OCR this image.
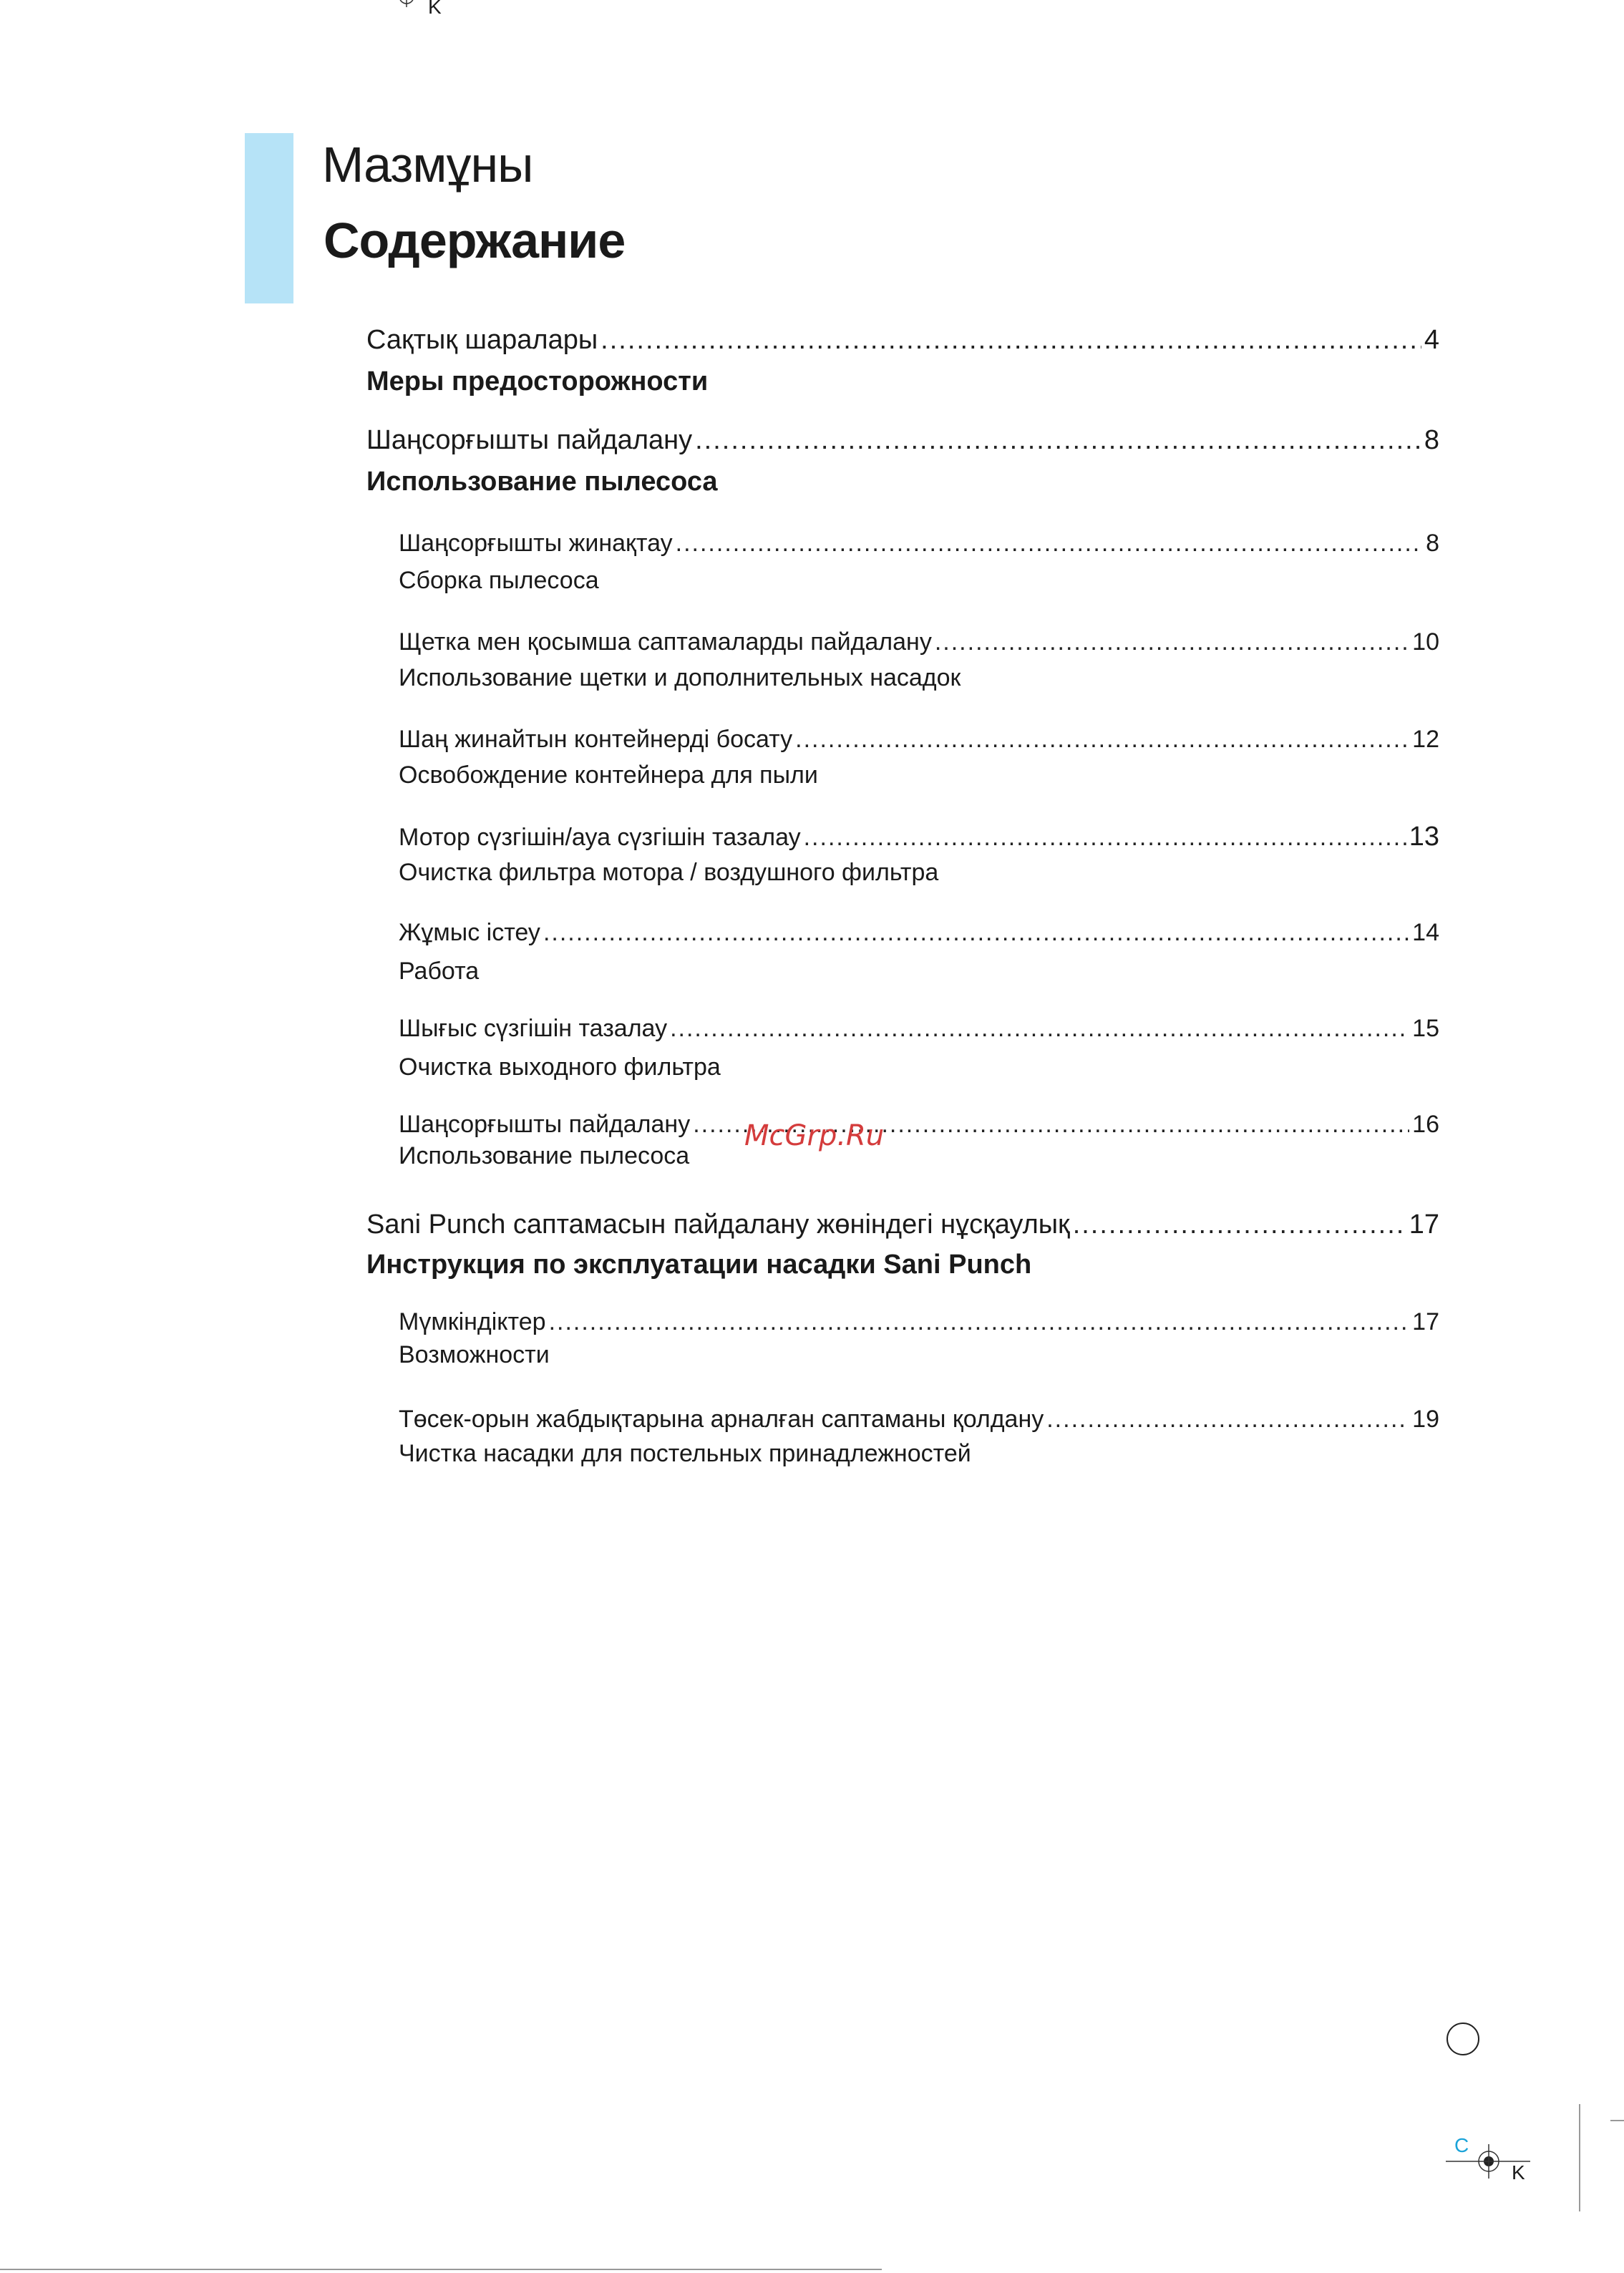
K
Мазмұны
Содержание
Сақтық шаралары .....	4
Меры предосторожности
Шаңсорғышты пайдалану .....	8
Использование пылесоса
Шаңсорғышты жинақтау .....	8
Сборка пылесоса
Щетка мен қосымша саптамаларды пайдалану .....	10
Использование щетки и дополнительных насадок
Шаң жинайтын контейнерді босату .....	12
Освобождение контейнера для пыли
Мотор сүзгішін/ауа сүзгішін тазалау .....	13
Очистка фильтра мотора / воздушного фильтра
Жұмыс істеу .....	14
Работа
Шығыс сүзгішін тазалау .....	15
Очистка выходного фильтра
Шаңсорғышты пайдалану .....	16
Использование пылесоса
Sani Punch саптамасын пайдалану жөніндегі нұсқаулық .....	17
Инструкция по эксплуатации насадки Sani Punch
Мүмкіндіктер .....	17
Возможности
Төсек-орын жабдықтарына арналған саптаманы қолдану .....	19
Чистка насадки для постельных принадлежностей
McGrp.Ru
C
K
